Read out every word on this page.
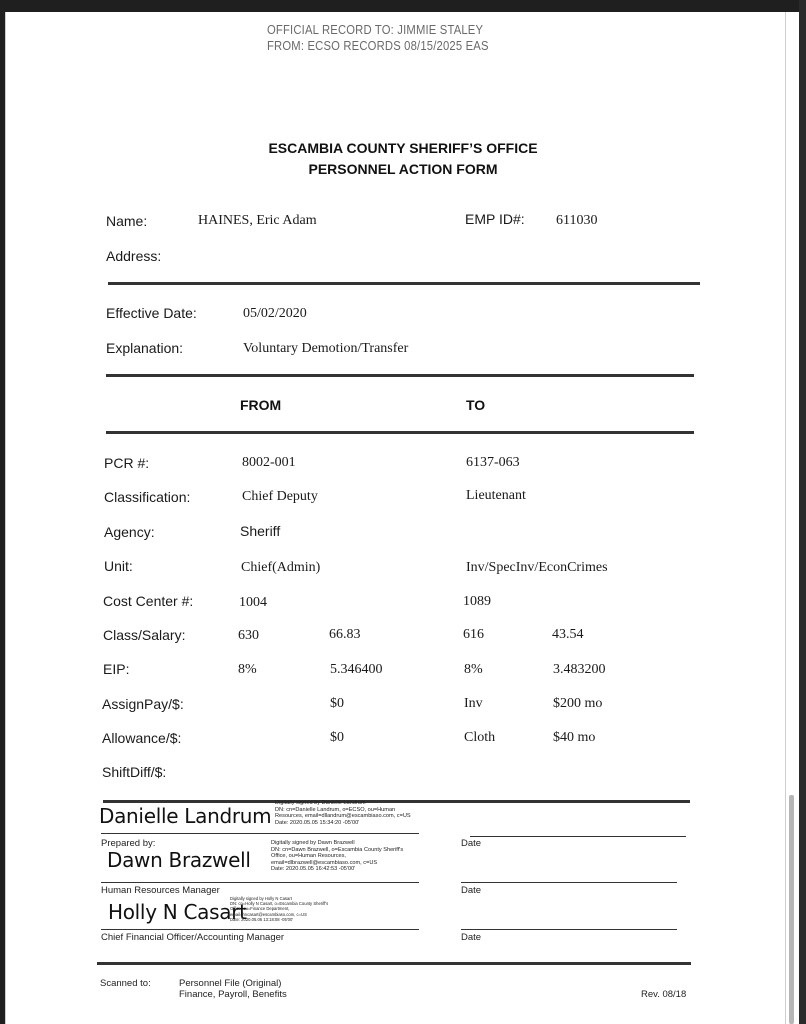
OFFICIAL RECORD TO: JIMMIE STALEY
FROM: ECSO RECORDS 08/15/2025 EAS
ESCAMBIA COUNTY SHERIFF’S OFFICE
PERSONNEL ACTION FORM
Name:	HAINES, Eric Adam	EMP ID#: 611030
Address:
Effective Date:	05/02/2020
Explanation:	Voluntary Demotion/Transfer
FROM	TO
PCR #:	8002-001	6137-063
Classification:	Chief Deputy	Lieutenant
Agency:	Sheriff
Unit:	Chief(Admin)	Inv/SpecInv/EconCrimes
Cost Center #:	1004	1089
Class/Salary:	630	66.83	616	43.54
EIP:	8%	5.346400	8%	3.483200
AssignPay/$:	$0	Inv	$200 mo
Allowance/$:	$0	Cloth	$40 mo
ShiftDiff/$:
Danielle Landrum
Digitally signed by Danielle Landrum
DN: cn=Danielle Landrum, o=ECSO, ou=Human
Resources, email=dllandrum@escambiaso.com, c=US
Date: 2020.05.05 15:34:20 -05'00'
Prepared by:	Date
Dawn Brazwell
Digitally signed by Dawn Brazwell
DN: cn=Dawn Brazwell, o=Escambia County Sheriff's
Office, ou=Human Resources,
email=dlbrazwell@escambiaso.com, c=US
Date: 2020.05.05 16:42:53 -05'00'
Human Resources Manager	Date
Holly N Casart
Digitally signed by Holly N Casart
DN: cn=Holly N Casart, o=Escambia County Sheriff's
Office, ou=Finance Department,
email=hncasart@escambiaso.com, c=US
Date: 2020.05.06 13:18:08 -05'00'
Chief Financial Officer/Accounting Manager	Date
Scanned to:	Personnel File (Original)
Finance, Payroll, Benefits	Rev. 08/18
